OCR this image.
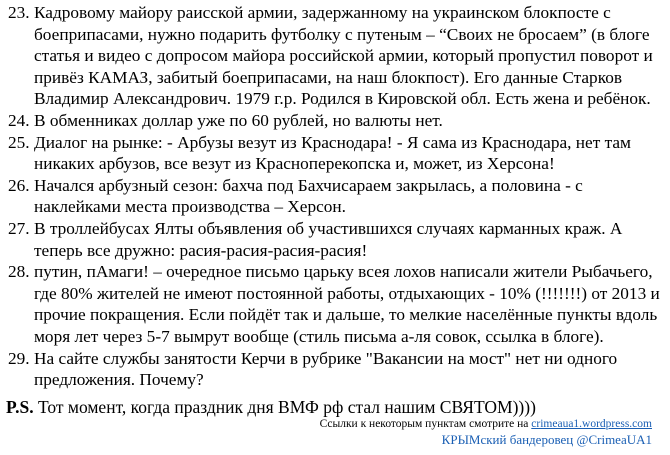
23. Кадровому майору раисской армии, задержанному на украинском блокпосте с боеприпасами, нужно подарить футболку с путеным – “Своих не бросаем” (в блоге статья и видео с допросом майора российской армии, который пропустил поворот и привёз КАМАЗ, забитый боеприпасами, на наш блокпост). Его данные Старков Владимир Александрович. 1979 г.р. Родился в Кировской обл. Есть жена и ребёнок.
24. В обменниках доллар уже по 60 рублей, но валюты нет.
25. Диалог на рынке: - Арбузы везут из Краснодара! - Я сама из Краснодара, нет там никаких арбузов, все везут из Красноперекопска и, может, из Херсона!
26. Начался арбузный сезон: бахча под Бахчисараем закрылась, а половина - с наклейками места производства – Херсон.
27. В троллейбусах Ялты объявления об участившихся случаях карманных краж. А теперь все дружно: расия-расия-расия-расия!
28. путин, пАмаги! – очередное письмо царьку всея лохов написали жители Рыбачьего, где 80% жителей не имеют постоянной работы, отдыхающих - 10% (!!!!!!!) от 2013 и прочие покращения. Если пойдёт так и дальше, то мелкие населённые пункты вдоль моря лет через 5-7 вымрут вообще (стиль письма а-ля совок, ссылка в блоге).
29. На сайте службы занятости Керчи в рубрике "Вакансии на мост" нет ни одного предложения. Почему?
P.S. Тот момент, когда праздник дня ВМФ рф стал нашим СВЯТОМ))))
Ссылки к некоторым пунктам смотрите на crimeaua1.wordpress.com
КРЫМский бандеровец @CrimeaUA1
